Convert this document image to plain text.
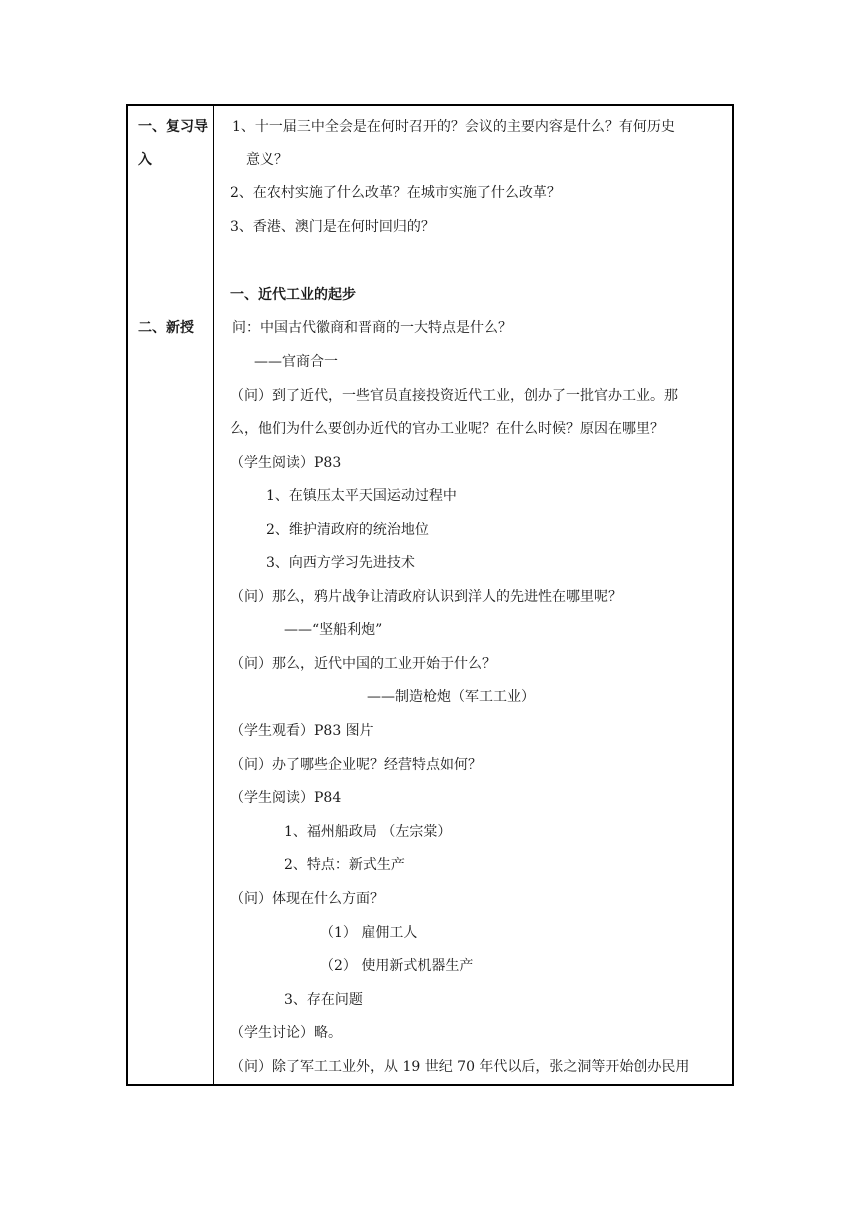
一、复习导
入
二、新授
1、十一届三中全会是在何时召开的？会议的主要内容是什么？有何历史
意义？
2、在农村实施了什么改革？在城市实施了什么改革？
3、香港、澳门是在何时回归的？
一、近代工业的起步
问：中国古代徽商和晋商的一大特点是什么？
——官商合一
（问）到了近代，一些官员直接投资近代工业，创办了一批官办工业。那
么，他们为什么要创办近代的官办工业呢？在什么时候？原因在哪里？
（学生阅读）P83
1、在镇压太平天国运动过程中
2、维护清政府的统治地位
3、向西方学习先进技术
（问）那么，鸦片战争让清政府认识到洋人的先进性在哪里呢？
——“坚船利炮”
（问）那么，近代中国的工业开始于什么？
——制造枪炮（军工工业）
（学生观看）P83 图片
（问）办了哪些企业呢？经营特点如何？
（学生阅读）P84
1、福州船政局 （左宗棠）
2、特点：新式生产
（问）体现在什么方面？
（1） 雇佣工人
（2） 使用新式机器生产
3、存在问题
（学生讨论）略。
（问）除了军工工业外，从 19 世纪 70 年代以后，张之洞等开始创办民用
